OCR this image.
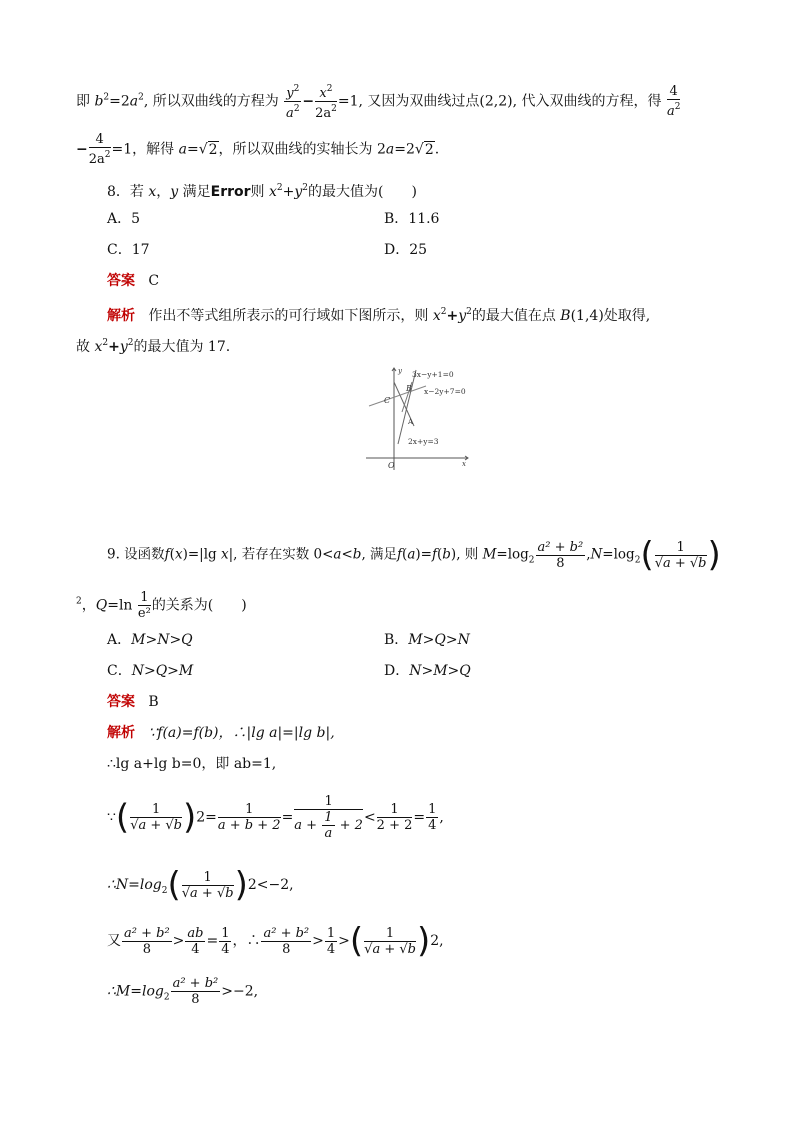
即 $b^2=2a^2$, 所以双曲线的方程为 $\frac{y^2}{a^2} - \frac{x^2}{2a^2} =1$, 又因为双曲线过点(2,2), 代入双曲线的方程，得 $\frac{4}{a^2}$
− $\frac{4}{2a^2} =1$，解得 a=√2，所以双曲线的实轴长为 2a=2√2.
8．若 x，y 满足Error则 $x^2+y^2$的最大值为(　　)
A．5	B．11.6
C．17	D．25
答案 C
解析 作出不等式组所表示的可行域如下图所示，则 $x^2+y^2$的最大值在点 B(1,4)处取得,
故 $x^2+y^2$的最大值为 17.
3x−y+1=0
x−2y+7=0
2x+y=3
B
C
A
O	x
y
9. 设函数f(x)=|lg x|, 若存在实数 0<a<b, 满足f(a)=f(b), 则 $M=\log_2 \frac{\text{a² + b²}}{8} ,N=\log_2( \frac{1}{√a + √b}$ )
$^2$，$Q=\ln \frac{1}{\text{e²}}$ 的关系为(　　)
A．M>N>Q	B．M>Q>N
C．N>Q>M	D．N>M>Q
答案 B
解析 ∵f(a)=f(b)，∴|lg a|=|lg b|,
∴lg a+lg b=0，即 ab=1,
∵( $\frac{1}{√a + √b} )2= \frac{1}{a + b + 2} = \frac{1}{a + \frac{1}{a} + 2} < \frac{1}{2 + 2} = \frac{1}{4}$ ,
$\therefore N=\log_2( \frac{1}{√a + √b} )2<-2$,
又 $\frac{\text{a² + b²}}{8} > \frac{ab}{4} = \frac{1}{4}$ ，∴ $\frac{\text{a² + b²}}{8} > \frac{1}{4}$ >( $\frac{1}{√a + √b} )2$,
$\therefore M=\log_2 \frac{\text{a² + b²}}{8} >-2$,
